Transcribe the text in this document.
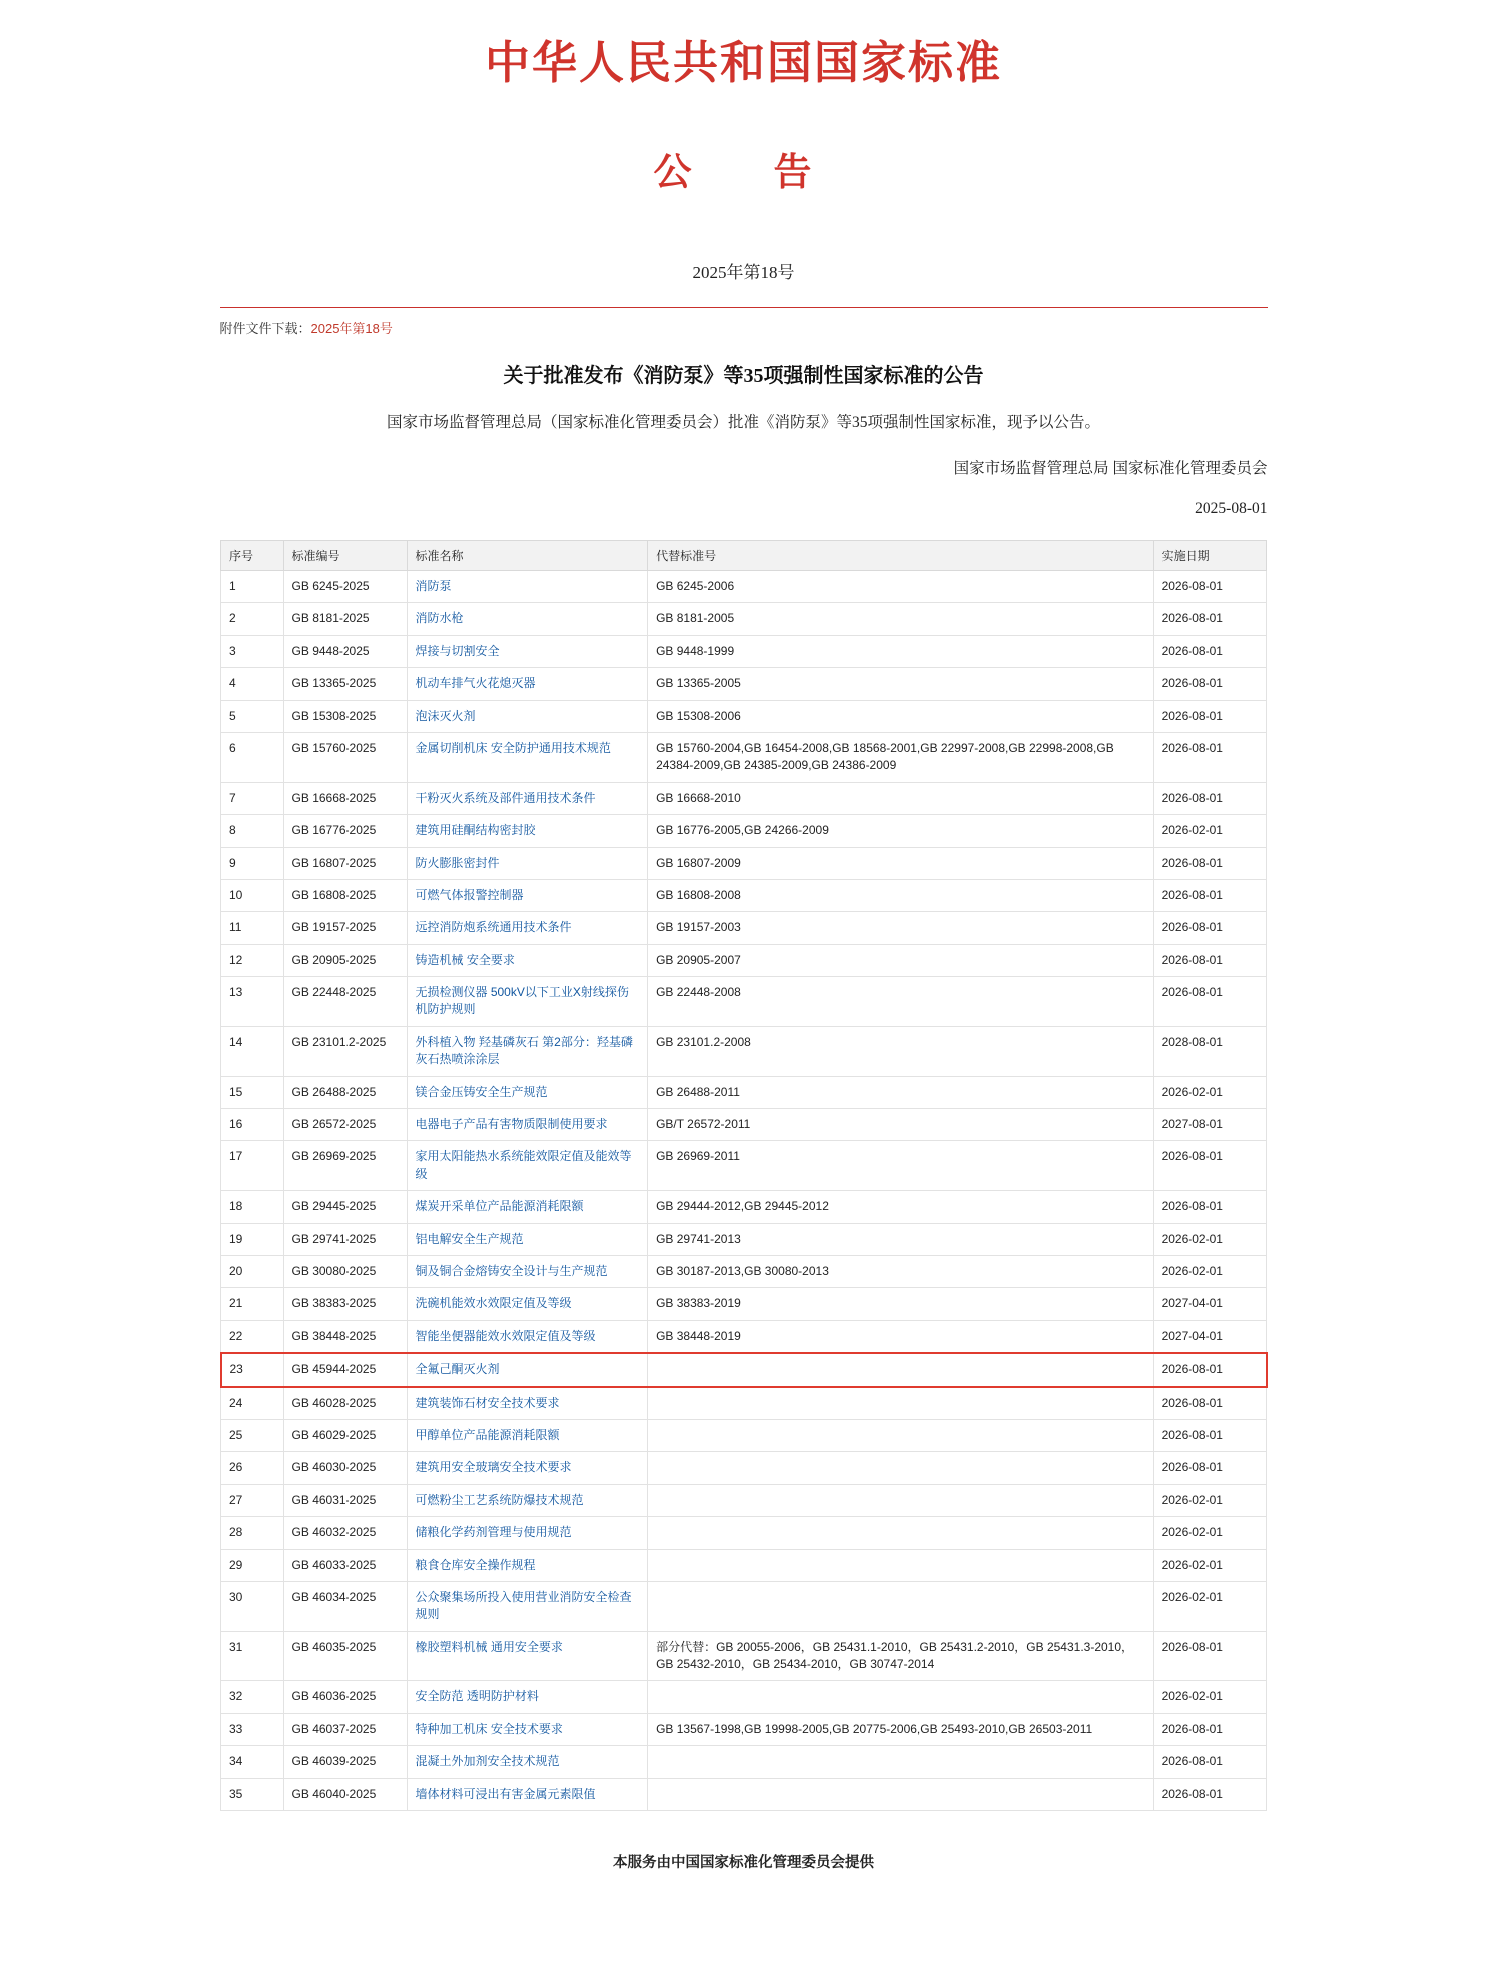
中华人民共和国国家标准
公　告
2025年第18号
附件文件下载：2025年第18号
关于批准发布《消防泵》等35项强制性国家标准的公告
国家市场监督管理总局（国家标准化管理委员会）批准《消防泵》等35项强制性国家标准，现予以公告。
国家市场监督管理总局 国家标准化管理委员会
2025-08-01
序号	标准编号	标准名称	代替标准号	实施日期
1	GB 6245-2025	消防泵	GB 6245-2006	2026-08-01
2	GB 8181-2025	消防水枪	GB 8181-2005	2026-08-01
3	GB 9448-2025	焊接与切割安全	GB 9448-1999	2026-08-01
4	GB 13365-2025	机动车排气火花熄灭器	GB 13365-2005	2026-08-01
5	GB 15308-2025	泡沫灭火剂	GB 15308-2006	2026-08-01
6	GB 15760-2025	金属切削机床 安全防护通用技术规范	GB 15760-2004,GB 16454-2008,GB 18568-2001,GB 22997-2008,GB 22998-2008,GB 24384-2009,GB 24385-2009,GB 24386-2009	2026-08-01
7	GB 16668-2025	干粉灭火系统及部件通用技术条件	GB 16668-2010	2026-08-01
8	GB 16776-2025	建筑用硅酮结构密封胶	GB 16776-2005,GB 24266-2009	2026-02-01
9	GB 16807-2025	防火膨胀密封件	GB 16807-2009	2026-08-01
10	GB 16808-2025	可燃气体报警控制器	GB 16808-2008	2026-08-01
11	GB 19157-2025	远控消防炮系统通用技术条件	GB 19157-2003	2026-08-01
12	GB 20905-2025	铸造机械 安全要求	GB 20905-2007	2026-08-01
13	GB 22448-2025	无损检测仪器 500kV以下工业X射线探伤机防护规则	GB 22448-2008	2026-08-01
14	GB 23101.2-2025	外科植入物 羟基磷灰石 第2部分：羟基磷灰石热喷涂涂层	GB 23101.2-2008	2028-08-01
15	GB 26488-2025	镁合金压铸安全生产规范	GB 26488-2011	2026-02-01
16	GB 26572-2025	电器电子产品有害物质限制使用要求	GB/T 26572-2011	2027-08-01
17	GB 26969-2025	家用太阳能热水系统能效限定值及能效等级	GB 26969-2011	2026-08-01
18	GB 29445-2025	煤炭开采单位产品能源消耗限额	GB 29444-2012,GB 29445-2012	2026-08-01
19	GB 29741-2025	铝电解安全生产规范	GB 29741-2013	2026-02-01
20	GB 30080-2025	铜及铜合金熔铸安全设计与生产规范	GB 30187-2013,GB 30080-2013	2026-02-01
21	GB 38383-2025	洗碗机能效水效限定值及等级	GB 38383-2019	2027-04-01
22	GB 38448-2025	智能坐便器能效水效限定值及等级	GB 38448-2019	2027-04-01
23	GB 45944-2025	全氟己酮灭火剂		2026-08-01
24	GB 46028-2025	建筑装饰石材安全技术要求		2026-08-01
25	GB 46029-2025	甲醇单位产品能源消耗限额		2026-08-01
26	GB 46030-2025	建筑用安全玻璃安全技术要求		2026-08-01
27	GB 46031-2025	可燃粉尘工艺系统防爆技术规范		2026-02-01
28	GB 46032-2025	储粮化学药剂管理与使用规范		2026-02-01
29	GB 46033-2025	粮食仓库安全操作规程		2026-02-01
30	GB 46034-2025	公众聚集场所投入使用营业消防安全检查规则		2026-02-01
31	GB 46035-2025	橡胶塑料机械 通用安全要求	部分代替：GB 20055-2006，GB 25431.1-2010，GB 25431.2-2010，GB 25431.3-2010，GB 25432-2010，GB 25434-2010，GB 30747-2014	2026-08-01
32	GB 46036-2025	安全防范 透明防护材料		2026-02-01
33	GB 46037-2025	特种加工机床 安全技术要求	GB 13567-1998,GB 19998-2005,GB 20775-2006,GB 25493-2010,GB 26503-2011	2026-08-01
34	GB 46039-2025	混凝土外加剂安全技术规范		2026-08-01
35	GB 46040-2025	墙体材料可浸出有害金属元素限值		2026-08-01
本服务由中国国家标准化管理委员会提供
